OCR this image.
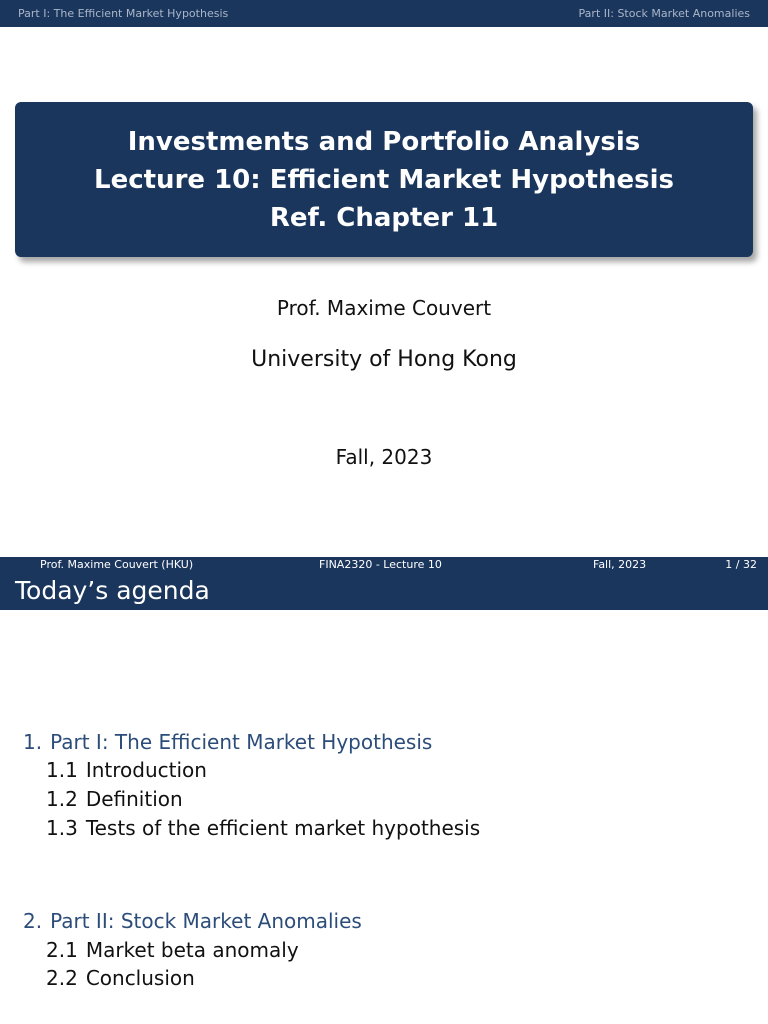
Part I: The Efficient Market Hypothesis	Part II: Stock Market Anomalies
Investments and Portfolio Analysis
Lecture 10: Efficient Market Hypothesis
Ref. Chapter 11
Prof. Maxime Couvert
University of Hong Kong
Fall, 2023
Prof. Maxime Couvert (HKU)	FINA2320 - Lecture 10	Fall, 2023	1 / 32
Today’s agenda
1. Part I: The Efficient Market Hypothesis
1.1 Introduction
1.2 Definition
1.3 Tests of the efficient market hypothesis
2. Part II: Stock Market Anomalies
2.1 Market beta anomaly
2.2 Conclusion
